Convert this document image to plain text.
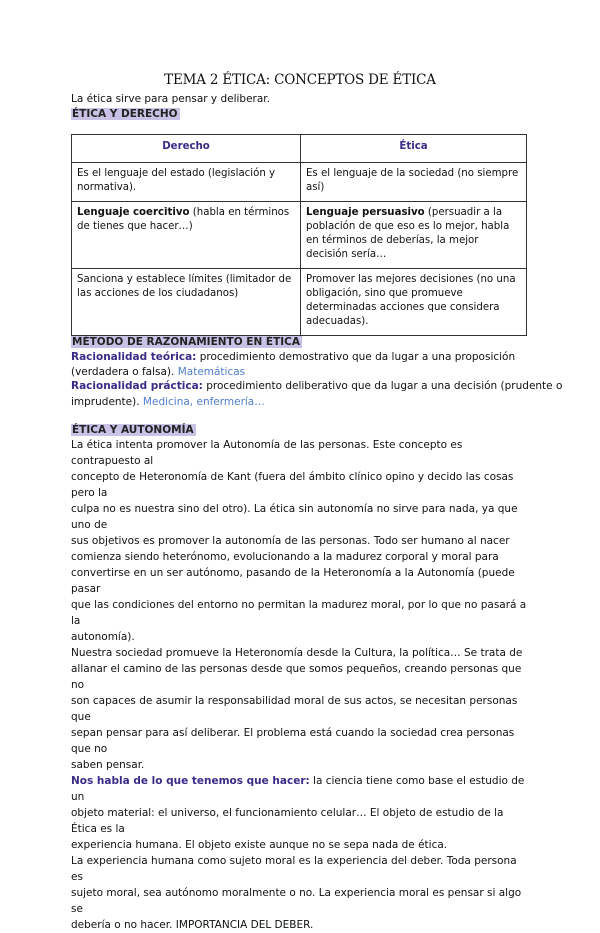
TEMA 2 ÉTICA: CONCEPTOS DE ÉTICA
La ética sirve para pensar y deliberar.
ÉTICA Y DERECHO
Derecho	Ética
Es el lenguaje del estado (legislación y normativa).	Es el lenguaje de la sociedad (no siempre así)
Lenguaje coercitivo (habla en términos de tienes que hacer…)	Lenguaje persuasivo (persuadir a la población de que eso es lo mejor, habla en términos de deberías, la mejor decisión sería…
Sanciona y establece límites (limitador de las acciones de los ciudadanos)	Promover las mejores decisiones (no una obligación, sino que promueve determinadas acciones que considera adecuadas).
MÉTODO DE RAZONAMIENTO EN ÉTICA
Racionalidad teórica: procedimiento demostrativo que da lugar a una proposición
(verdadera o falsa). Matemáticas
Racionalidad práctica: procedimiento deliberativo que da lugar a una decisión (prudente o
imprudente). Medicina, enfermería…
ÉTICA Y AUTONOMÍA
La ética intenta promover la Autonomía de las personas. Este concepto es contrapuesto al
concepto de Heteronomía de Kant (fuera del ámbito clínico opino y decido las cosas pero la
culpa no es nuestra sino del otro). La ética sin autonomía no sirve para nada, ya que uno de
sus objetivos es promover la autonomía de las personas. Todo ser humano al nacer
comienza siendo heterónomo, evolucionando a la madurez corporal y moral para
convertirse en un ser autónomo, pasando de la Heteronomía a la Autonomía (puede pasar
que las condiciones del entorno no permitan la madurez moral, por lo que no pasará a la
autonomía).
Nuestra sociedad promueve la Heteronomía desde la Cultura, la política… Se trata de
allanar el camino de las personas desde que somos pequeños, creando personas que no
son capaces de asumir la responsabilidad moral de sus actos, se necesitan personas que
sepan pensar para así deliberar. El problema está cuando la sociedad crea personas que no
saben pensar.
Nos habla de lo que tenemos que hacer: la ciencia tiene como base el estudio de un
objeto material: el universo, el funcionamiento celular… El objeto de estudio de la Ética es la
experiencia humana. El objeto existe aunque no se sepa nada de ética.
La experiencia humana como sujeto moral es la experiencia del deber. Toda persona es
sujeto moral, sea autónomo moralmente o no. La experiencia moral es pensar si algo se
debería o no hacer. IMPORTANCIA DEL DEBER.
